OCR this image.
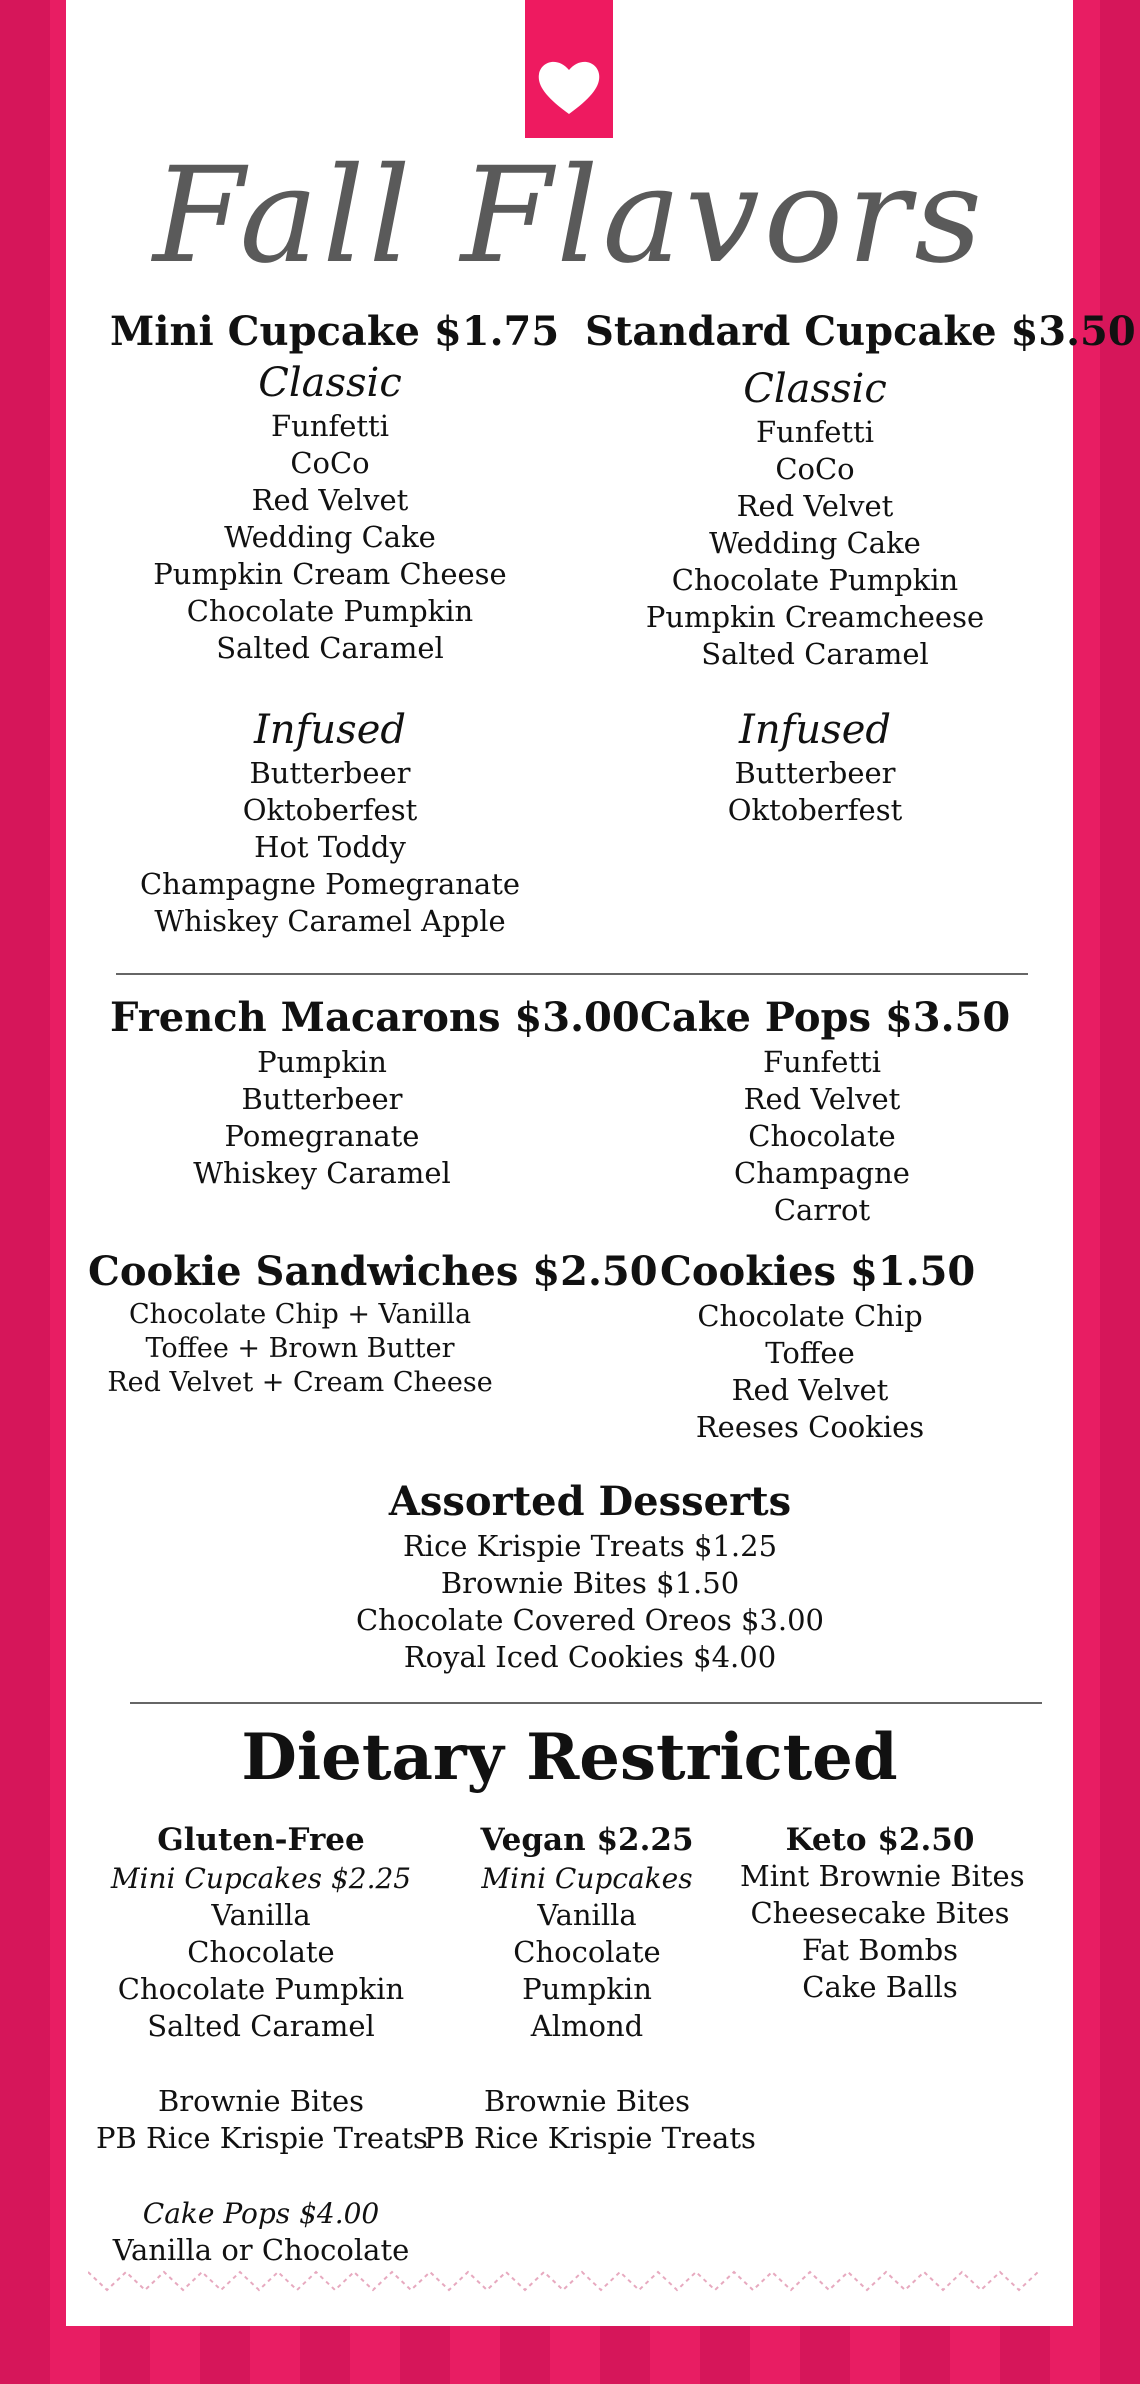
Fall Flavors
Mini Cupcake $1.75
Classic
Funfetti
CoCo
Red Velvet
Wedding Cake
Pumpkin Cream Cheese
Chocolate Pumpkin
Salted Caramel
Infused
Butterbeer
Oktoberfest
Hot Toddy
Champagne Pomegranate
Whiskey Caramel Apple
Standard Cupcake $3.50
Classic
Funfetti
CoCo
Red Velvet
Wedding Cake
Chocolate Pumpkin
Pumpkin Creamcheese
Salted Caramel
Infused
Butterbeer
Oktoberfest
French Macarons $3.00
Pumpkin
Butterbeer
Pomegranate
Whiskey Caramel
Cake Pops $3.50
Funfetti
Red Velvet
Chocolate
Champagne
Carrot
Cookie Sandwiches $2.50
Chocolate Chip + Vanilla
Toffee + Brown Butter
Red Velvet + Cream Cheese
Cookies $1.50
Chocolate Chip
Toffee
Red Velvet
Reeses Cookies
Assorted Desserts
Rice Krispie Treats $1.25
Brownie Bites $1.50
Chocolate Covered Oreos $3.00
Royal Iced Cookies $4.00
Dietary Restricted
Gluten-Free
Mini Cupcakes $2.25
Vanilla
Chocolate
Chocolate Pumpkin
Salted Caramel
Brownie Bites
PB Rice Krispie Treats
Cake Pops $4.00
Vanilla or Chocolate
Vegan $2.25
Mini Cupcakes
Vanilla
Chocolate
Pumpkin
Almond
Brownie Bites
PB Rice Krispie Treats
Keto $2.50
Mint Brownie Bites
Cheesecake Bites
Fat Bombs
Cake Balls
